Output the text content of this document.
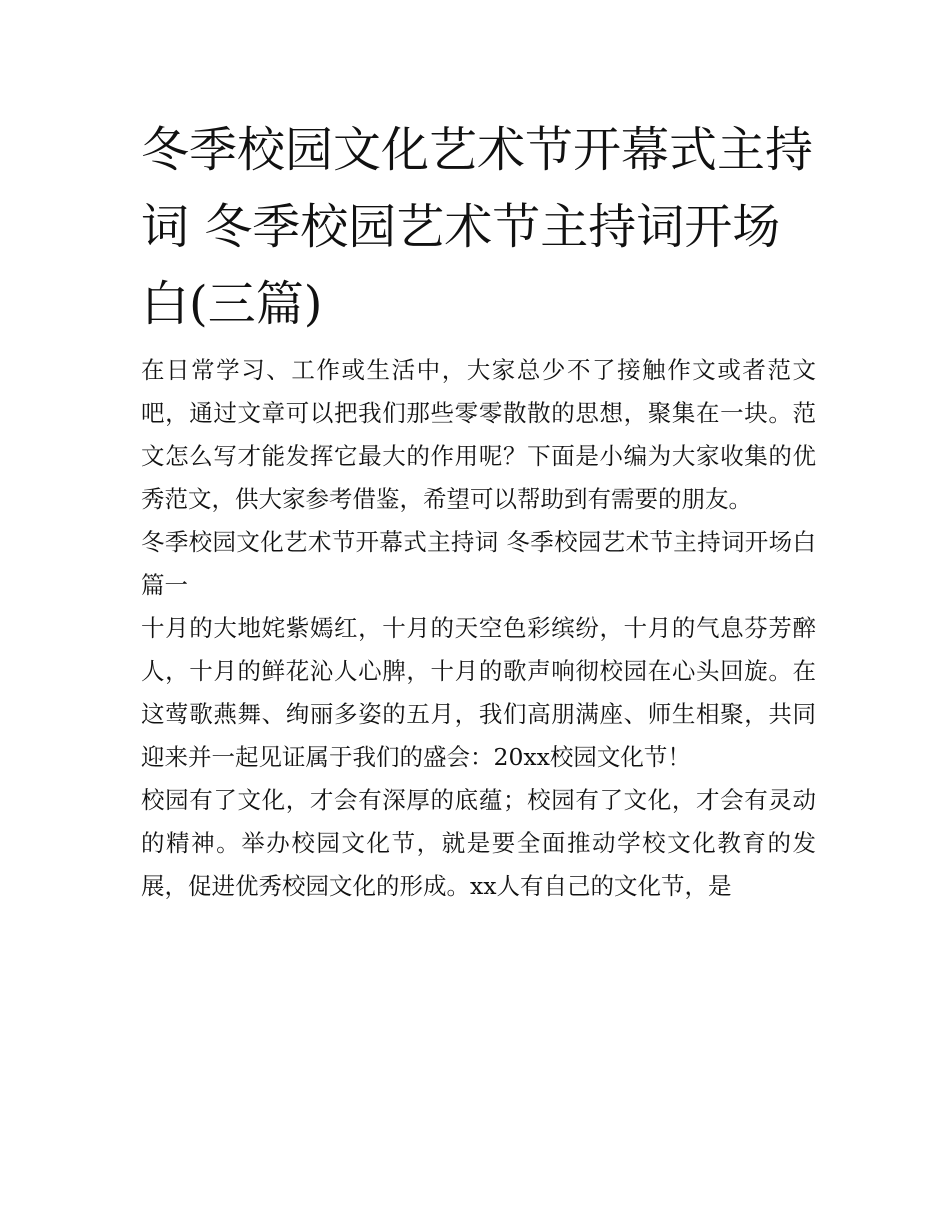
冬季校园文化艺术节开幕式主持词 冬季校园艺术节主持词开场白(三篇)

在日常学习、工作或生活中，大家总少不了接触作文或者范文吧，通过文章可以把我们那些零零散散的思想，聚集在一块。范文怎么写才能发挥它最大的作用呢？下面是小编为大家收集的优秀范文，供大家参考借鉴，希望可以帮助到有需要的朋友。

冬季校园文化艺术节开幕式主持词 冬季校园艺术节主持词开场白篇一

十月的大地姹紫嫣红，十月的天空色彩缤纷，十月的气息芬芳醉人，十月的鲜花沁人心脾，十月的歌声响彻校园在心头回旋。在这莺歌燕舞、绚丽多姿的五月，我们高朋满座、师生相聚，共同迎来并一起见证属于我们的盛会：20xx校园文化节！

校园有了文化，才会有深厚的底蕴；校园有了文化，才会有灵动的精神。举办校园文化节，就是要全面推动学校文化教育的发展，促进优秀校园文化的形成。xx人有自己的文化节，是
